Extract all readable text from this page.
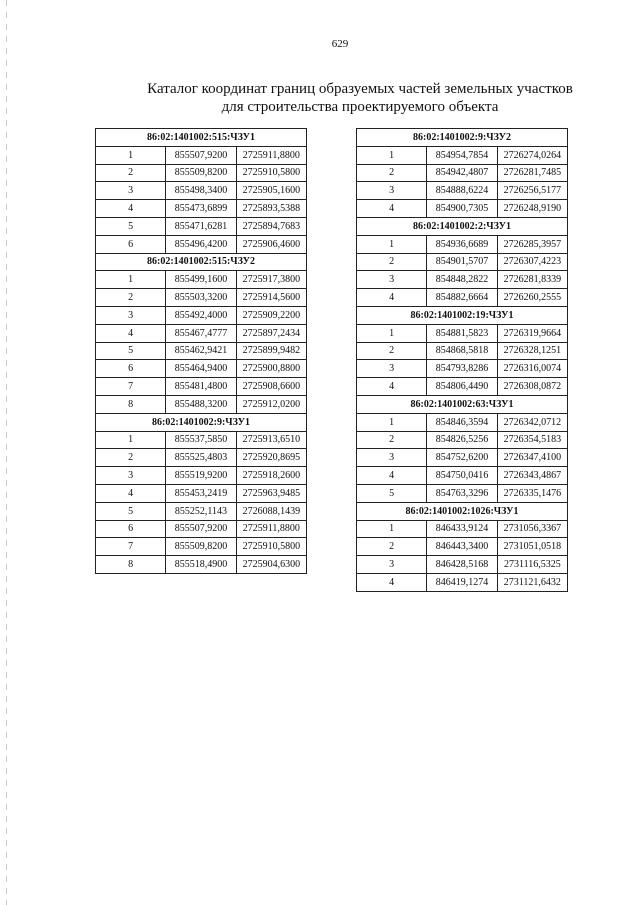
629
Каталог координат границ образуемых частей земельных участков
для строительства проектируемого объекта
86:02:1401002:515:ЧЗУ1		
1	855507,9200	2725911,8800
2	855509,8200	2725910,5800
3	855498,3400	2725905,1600
4	855473,6899	2725893,5388
5	855471,6281	2725894,7683
6	855496,4200	2725906,4600
86:02:1401002:515:ЧЗУ2		
1	855499,1600	2725917,3800
2	855503,3200	2725914,5600
3	855492,4000	2725909,2200
4	855467,4777	2725897,2434
5	855462,9421	2725899,9482
6	855464,9400	2725900,8800
7	855481,4800	2725908,6600
8	855488,3200	2725912,0200
86:02:1401002:9:ЧЗУ1		
1	855537,5850	2725913,6510
2	855525,4803	2725920,8695
3	855519,9200	2725918,2600
4	855453,2419	2725963,9485
5	855252,1143	2726088,1439
6	855507,9200	2725911,8800
7	855509,8200	2725910,5800
8	855518,4900	2725904,6300
86:02:1401002:9:ЧЗУ2		
1	854954,7854	2726274,0264
2	854942,4807	2726281,7485
3	854888,6224	2726256,5177
4	854900,7305	2726248,9190
86:02:1401002:2:ЧЗУ1		
1	854936,6689	2726285,3957
2	854901,5707	2726307,4223
3	854848,2822	2726281,8339
4	854882,6664	2726260,2555
86:02:1401002:19:ЧЗУ1		
1	854881,5823	2726319,9664
2	854868,5818	2726328,1251
3	854793,8286	2726316,0074
4	854806,4490	2726308,0872
86:02:1401002:63:ЧЗУ1		
1	854846,3594	2726342,0712
2	854826,5256	2726354,5183
3	854752,6200	2726347,4100
4	854750,0416	2726343,4867
5	854763,3296	2726335,1476
86:02:1401002:1026:ЧЗУ1		
1	846433,9124	2731056,3367
2	846443,3400	2731051,0518
3	846428,5168	2731116,5325
4	846419,1274	2731121,6432
